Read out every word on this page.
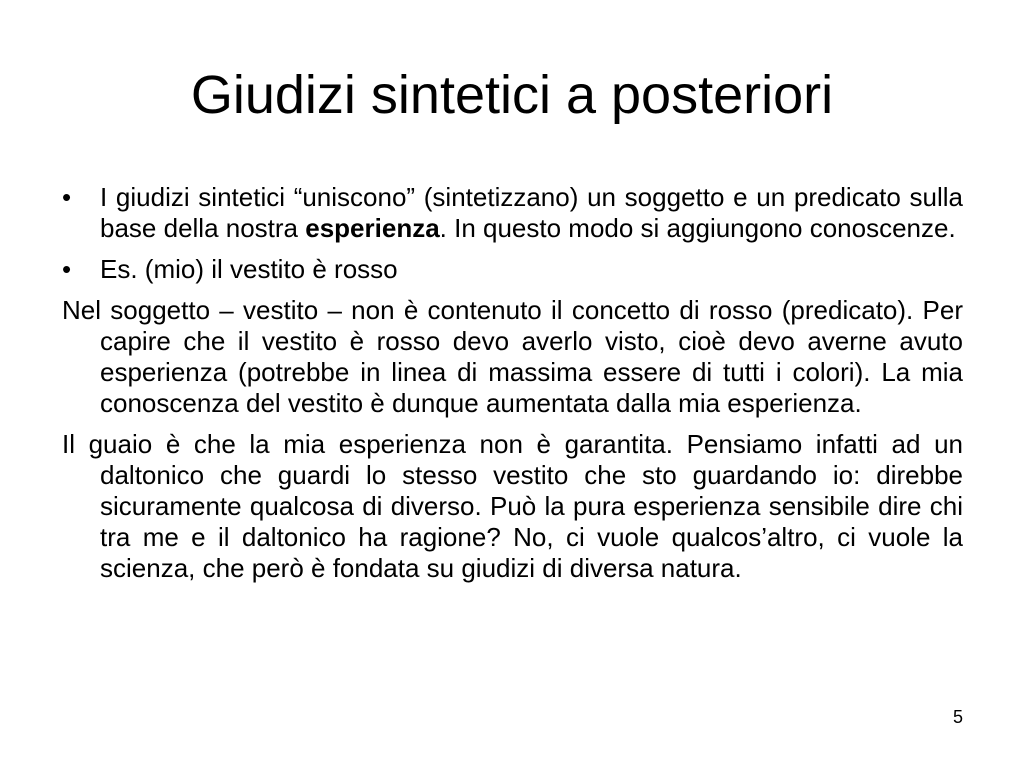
Giudizi sintetici a posteriori
•	I giudizi sintetici “uniscono” (sintetizzano) un soggetto e un predicato sulla base della nostra esperienza. In questo modo si aggiungono conoscenze.
•	Es. (mio) il vestito è rosso
Nel soggetto – vestito – non è contenuto il concetto di rosso (predicato). Per capire che il vestito è rosso devo averlo visto, cioè devo averne avuto esperienza (potrebbe in linea di massima essere di tutti i colori). La mia conoscenza del vestito è dunque aumentata dalla mia esperienza.
Il guaio è che la mia esperienza non è garantita. Pensiamo infatti ad un daltonico che guardi lo stesso vestito che sto guardando io: direbbe sicuramente qualcosa di diverso. Può la pura esperienza sensibile dire chi tra me e il daltonico ha ragione? No, ci vuole qualcos’altro, ci vuole la scienza, che però è fondata su giudizi di diversa natura.
5
